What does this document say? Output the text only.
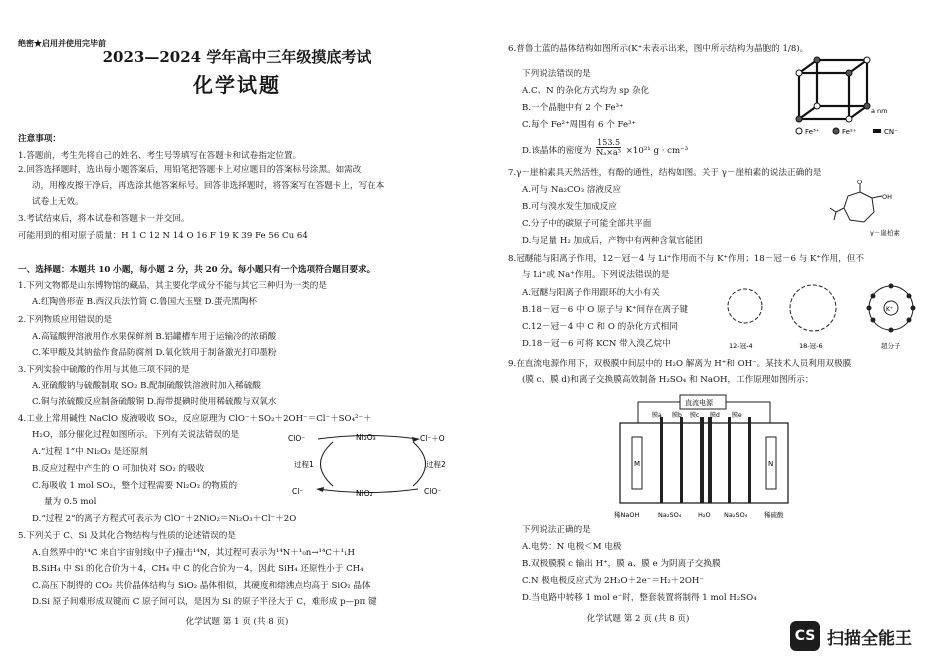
绝密★启用并使用完毕前
2023—2024 学年高中三年级摸底考试
化学试题
注意事项：
1.答题前，考生先将自己的姓名、考生号等填写在答题卡和试卷指定位置。
2.回答选择题时，选出每小题答案后，用铅笔把答题卡上对应题目的答案标号涂黑。如需改
动，用橡皮擦干净后，再选涂其他答案标号。回答非选择题时，将答案写在答题卡上，写在本
试卷上无效。
3.考试结束后，将本试卷和答题卡一并交回。
可能用到的相对原子质量：H 1 C 12 N 14 O 16 F 19 K 39 Fe 56 Cu 64
一、选择题：本题共 10 小题，每小题 2 分，共 20 分。每小题只有一个选项符合题目要求。
1.下列文物都是山东博物馆的藏品，其主要化学成分不能与其它三种归为一类的是
A.红陶兽形壶 B.西汉兵法竹简 C.鲁国大玉璧 D.蛋壳黑陶杯
2.下列物质应用错误的是
A.高锰酸钾溶液用作水果保鲜剂 B.铝罐槽车用于运输冷的浓硝酸
C.苯甲酸及其钠盐作食品防腐剂 D.氧化铁用于制备激光打印墨粉
3.下列实验中硫酸的作用与其他三项不同的是
A.亚硫酸钠与硫酸制取 SO₂ B.配制硫酸铁溶液时加入稀硫酸
C.铜与浓硫酸反应制备硫酸铜 D.海带提碘时使用稀硫酸与双氧水
4.工业上常用碱性 NaClO 废液吸收 SO₂，反应原理为 ClO⁻＋SO₂＋2OH⁻＝Cl⁻＋SO₄²⁻＋
H₂O，部分催化过程如图所示。下列有关说法错误的是
A.“过程 1”中 Ni₂O₃ 是还原剂
B.反应过程中产生的 O 可加快对 SO₂ 的吸收
C.每吸收 1 mol SO₂，整个过程需要 Ni₂O₃ 的物质的
量为 0.5 mol
D.“过程 2”的离子方程式可表示为 ClO⁻＋2NiO₂＝Ni₂O₃＋Cl⁻＋2O
ClO⁻	Ni₂O₃	Cl⁻＋O
过程1	过程2
Cl⁻	NiO₂	ClO⁻
5.下列关于 C、Si 及其化合物结构与性质的论述错误的是
A.自然界中的¹⁴C 来自宇宙射线(中子)撞击¹⁴N，其过程可表示为¹⁴N＋¹₀n→¹⁴C＋¹₁H
B.SiH₄ 中 Si 的化合价为＋4，CH₄ 中 C 的化合价为－4，因此 SiH₄ 还原性小于 CH₄
C.高压下制得的 CO₂ 共价晶体结构与 SiO₂ 晶体相似，其硬度和熔沸点均高于 SiO₂ 晶体
D.Si 原子间难形成双键而 C 原子间可以，是因为 Si 的原子半径大于 C，难形成 p—pπ 键
化学试题 第 1 页 (共 8 页)
6.普鲁士蓝的晶体结构如图所示(K⁺未表示出来，图中所示结构为晶胞的 1/8)。
下列说法错误的是
A.C、N 的杂化方式均为 sp 杂化
B.一个晶胞中有 2 个 Fe³⁺
C.每个 Fe²⁺周围有 6 个 Fe³⁺
D.该晶体的密度为 $\frac{153.5}{\text{Nₐ×a³}} \times 10^{21}$ g · cm⁻³
a nm
Fe³⁺	Fe²⁺	CN⁻
7.γ－崖柏素具天然活性，有酚的通性，结构如图。关于 γ－崖柏素的说法正确的是
A.可与 Na₂CO₃ 溶液反应
B.可与溴水发生加成反应
C.分子中的碳原子可能全部共平面
D.与足量 H₂ 加成后，产物中有两种含氧官能团
O
OH
γ－崖柏素
8.冠醚能与阳离子作用，12－冠－4 与 Li⁺作用而不与 K⁺作用；18－冠－6 与 K⁺作用，但不
与 Li⁺或 Na⁺作用。下列说法错误的是
A.冠醚与阳离子作用跟环的大小有关
B.18－冠－6 中 O 原子与 K⁺间存在离子键
C.12－冠－4 中 C 和 O 的杂化方式相同
D.18－冠－6 可将 KCN 带入溴乙烷中	12-冠-4	18-冠-6
K⁺
超分子
9.在直流电源作用下，双极膜中间层中的 H₂O 解离为 H⁺和 OH⁻。某技术人员利用双极膜
(膜 c、膜 d)和离子交换膜高效制备 H₂SO₄ 和 NaOH，工作原理如图所示：
直流电源
M	N
膜a 膜b 膜c 膜d 膜e
稀NaOH	Na₂SO₄	H₂O Na₂SO₄	稀硫酸
下列说法正确的是
A.电势：N 电极＜M 电极
B.双极膜膜 c 输出 H⁺，膜 a、膜 e 为阴离子交换膜
C.N 极电极反应式为 2H₂O＋2e⁻＝H₂＋2OH⁻
D.当电路中转移 1 mol e⁻时，整套装置将制得 1 mol H₂SO₄
化学试题 第 2 页 (共 8 页)
CS 扫描全能王
